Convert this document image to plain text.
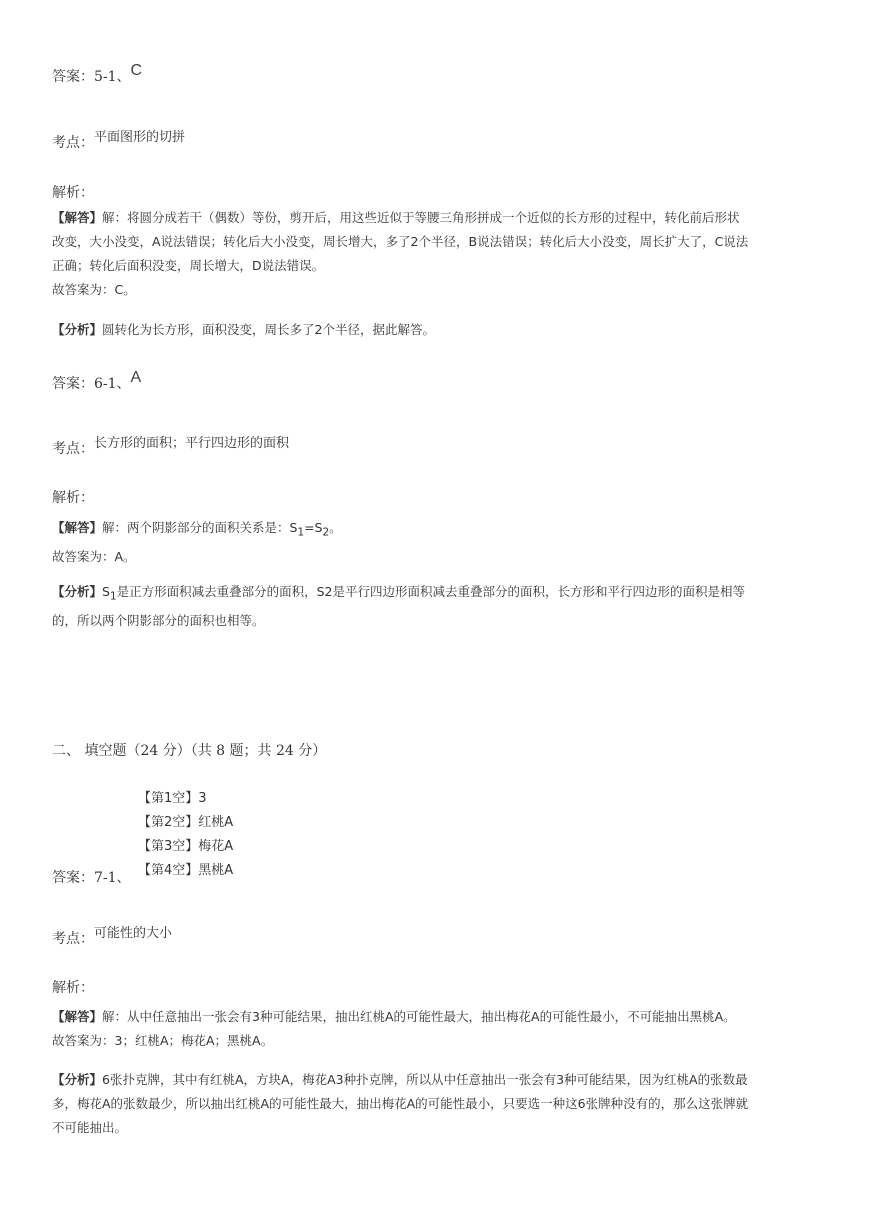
答案：5-1、C
考点：平面图形的切拼
解析：
【解答】解：将圆分成若干（偶数）等份，剪开后，用这些近似于等腰三角形拼成一个近似的长方形的过程中，转化前后形状
改变，大小没变，A说法错误；转化后大小没变，周长增大，多了2个半径，B说法错误；转化后大小没变，周长扩大了，C说法
正确；转化后面积没变，周长增大，D说法错误。
故答案为：C。
【分析】圆转化为长方形，面积没变，周长多了2个半径，据此解答。
答案：6-1、A
考点：长方形的面积；平行四边形的面积
解析：
【解答】解：两个阴影部分的面积关系是：$S_1=S_2$。
故答案为：A。
【分析】$S_1$是正方形面积减去重叠部分的面积，S2是平行四边形面积减去重叠部分的面积，长方形和平行四边形的面积是相等
的，所以两个阴影部分的面积也相等。
二、 填空题（24 分）（共 8 题；共 24 分）
【第1空】3
【第2空】红桃A
【第3空】梅花A
【第4空】黑桃A
答案：7-1、
考点：可能性的大小
解析：
【解答】解：从中任意抽出一张会有3种可能结果，抽出红桃A的可能性最大，抽出梅花A的可能性最小，不可能抽出黑桃A。
故答案为：3；红桃A；梅花A；黑桃A。
【分析】6张扑克牌，其中有红桃A，方块A，梅花A3种扑克牌，所以从中任意抽出一张会有3种可能结果，因为红桃A的张数最
多，梅花A的张数最少，所以抽出红桃A的可能性最大，抽出梅花A的可能性最小，只要选一种这6张牌种没有的，那么这张牌就
不可能抽出。
